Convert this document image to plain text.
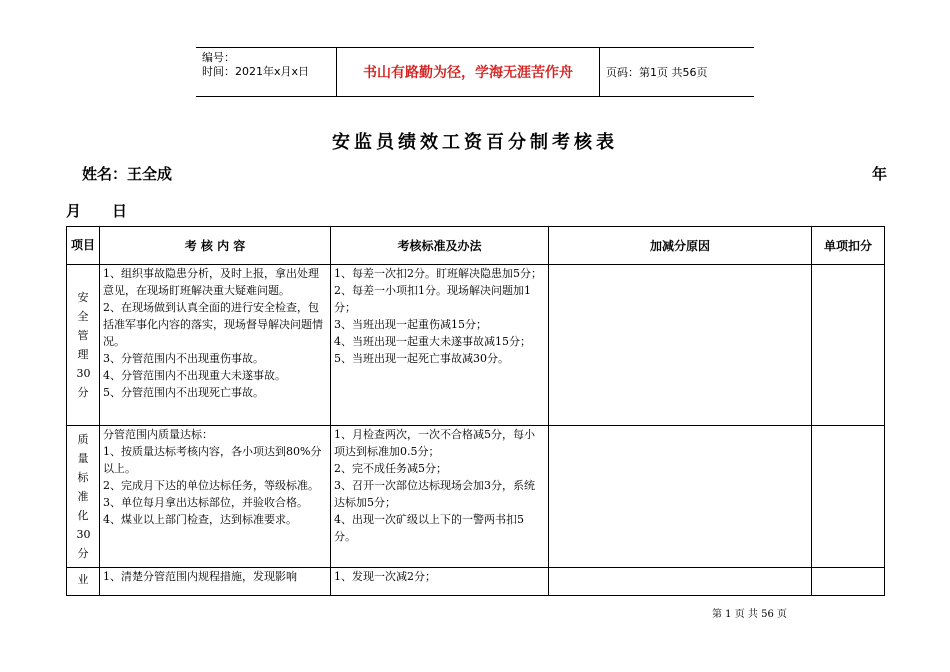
编号：
时间：2021年x月x日	书山有路勤为径，学海无涯苦作舟	页码：第1页 共56页
安监员绩效工资百分制考核表
姓名：王全成	年
月 日
项目	考 核 内 容	考核标准及办法	加减分原因	单项扣分

安全管理30分	1、组织事故隐患分析，及时上报，拿出处理意见，在现场盯班解决重大疑难问题。
2、在现场做到认真全面的进行安全检查，包括准军事化内容的落实，现场督导解决问题情况。
3、分管范围内不出现重伤事故。
4、分管范围内不出现重大未遂事故。
5、分管范围内不出现死亡事故。	1、每差一次扣2分。盯班解决隐患加5分；
2、每差一小项扣1分。现场解决问题加1分；
3、当班出现一起重伤减15分；
4、当班出现一起重大未遂事故减15分；
5、当班出现一起死亡事故减30分。		

质量标准化30分	分管范围内质量达标：
1、按质量达标考核内容，各小项达到80%分以上。
2、完成月下达的单位达标任务，等级标准。
3、单位每月拿出达标部位，并验收合格。
4、煤业以上部门检查，达到标准要求。	1、月检查两次，一次不合格减5分，每小项达到标准加0.5分；
2、完不成任务减5分；
3、召开一次部位达标现场会加3分，系统达标加5分；
4、出现一次矿级以上下的一警两书扣5分。		

业	1、清楚分管范围内规程措施，发现影响	1、发现一次减2分；		
第 1 页 共 56 页
